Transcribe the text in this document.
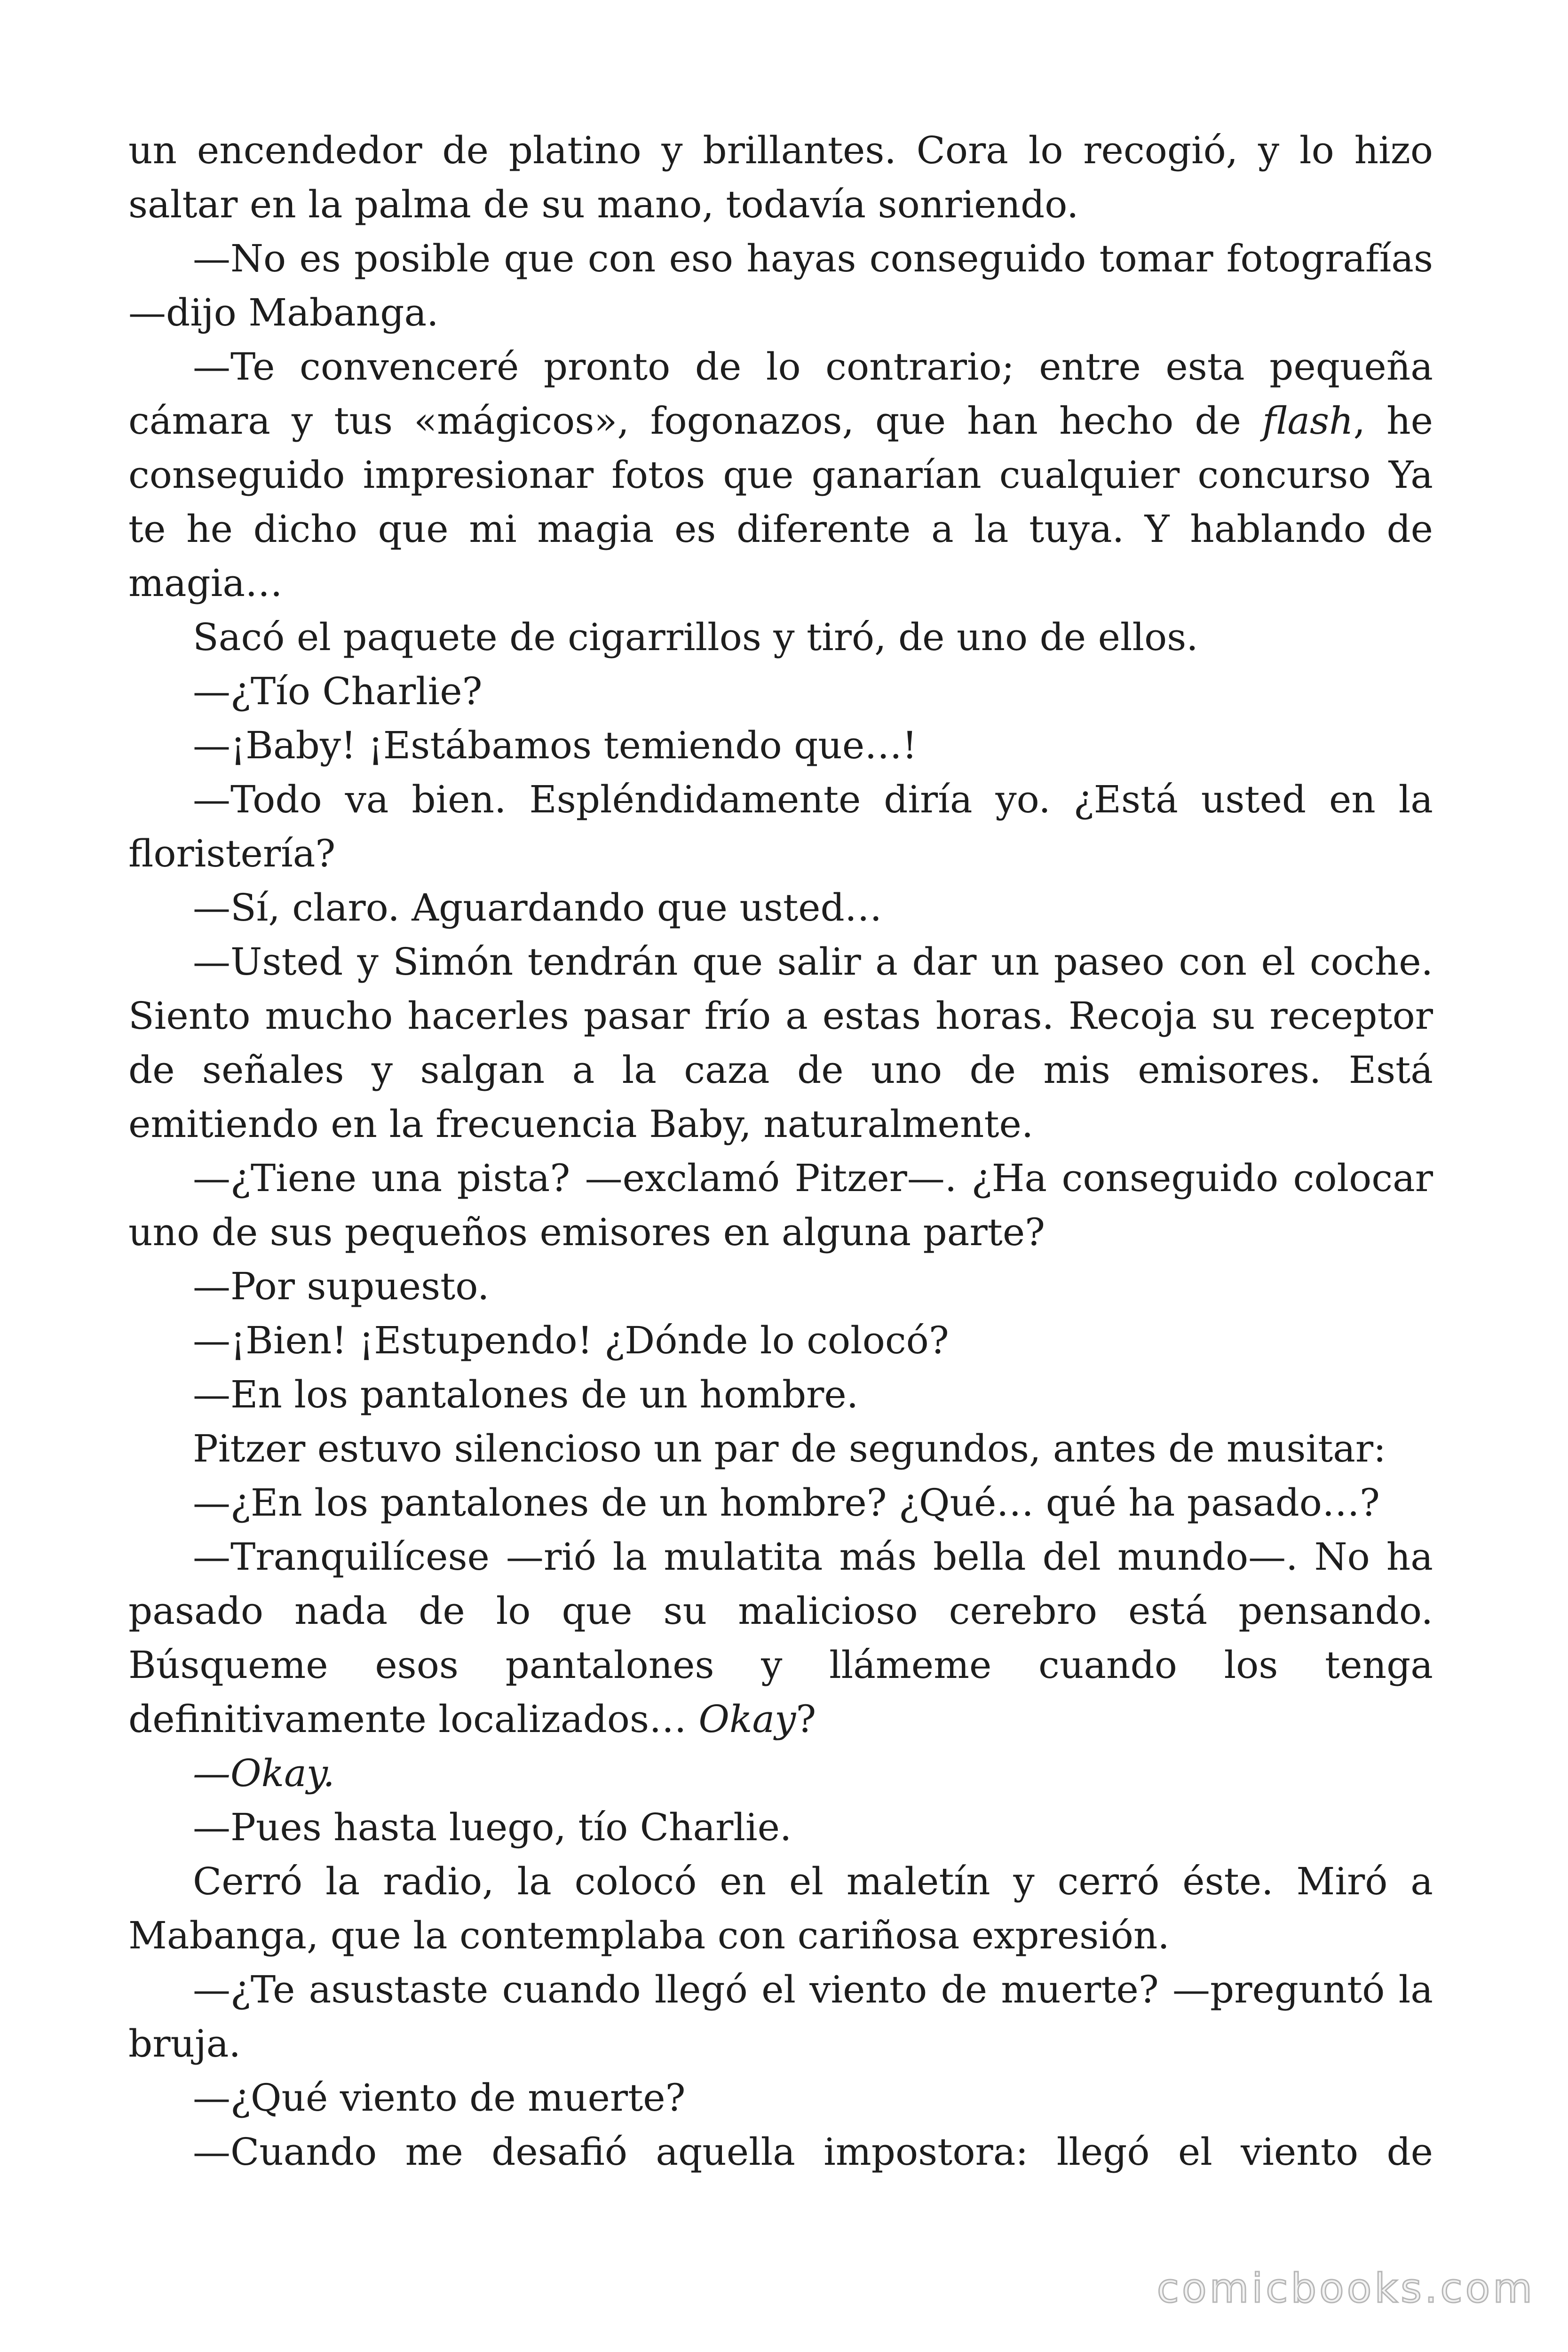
un encendedor de platino y brillantes. Cora lo recogió, y lo hizo saltar en la palma de su mano, todavía sonriendo.

—No es posible que con eso hayas conseguido tomar fotografías —dijo Mabanga.

—Te convenceré pronto de lo contrario; entre esta pequeña cámara y tus «mágicos», fogonazos, que han hecho de flash, he conseguido impresionar fotos que ganarían cualquier concurso Ya te he dicho que mi magia es diferente a la tuya. Y hablando de magia…

Sacó el paquete de cigarrillos y tiró, de uno de ellos.

—¿Tío Charlie?

—¡Baby! ¡Estábamos temiendo que…!

—Todo va bien. Espléndidamente diría yo. ¿Está usted en la floristería?

—Sí, claro. Aguardando que usted…

—Usted y Simón tendrán que salir a dar un paseo con el coche. Siento mucho hacerles pasar frío a estas horas. Recoja su receptor de señales y salgan a la caza de uno de mis emisores. Está emitiendo en la frecuencia Baby, naturalmente.

—¿Tiene una pista? —exclamó Pitzer—. ¿Ha conseguido colocar uno de sus pequeños emisores en alguna parte?

—Por supuesto.

—¡Bien! ¡Estupendo! ¿Dónde lo colocó?

—En los pantalones de un hombre.

Pitzer estuvo silencioso un par de segundos, antes de musitar:

—¿En los pantalones de un hombre? ¿Qué… qué ha pasado…?

—Tranquilícese —rió la mulatita más bella del mundo—. No ha pasado nada de lo que su malicioso cerebro está pensando. Búsqueme esos pantalones y llámeme cuando los tenga definitivamente localizados… Okay?

—Okay.

—Pues hasta luego, tío Charlie.

Cerró la radio, la colocó en el maletín y cerró éste. Miró a Mabanga, que la contemplaba con cariñosa expresión.

—¿Te asustaste cuando llegó el viento de muerte? —preguntó la bruja.

—¿Qué viento de muerte?

—Cuando me desafió aquella impostora: llegó el viento de

comicbooks.com
